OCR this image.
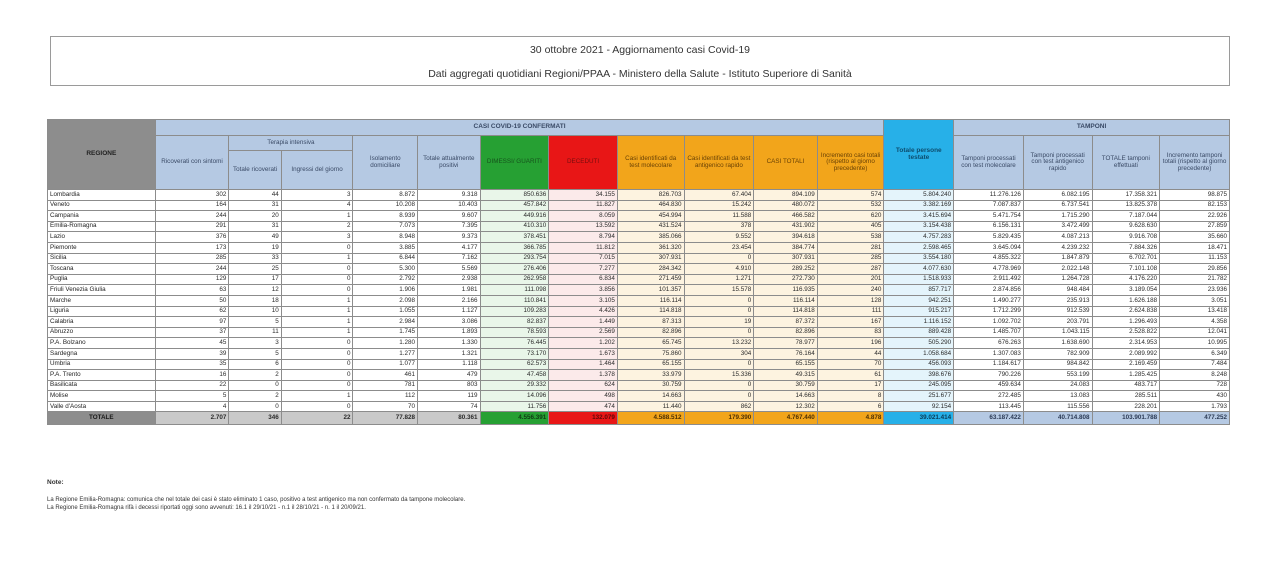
30 ottobre 2021 - Aggiornamento casi Covid-19
Dati aggregati quotidiani Regioni/PPAA - Ministero della Salute - Istituto Superiore di Sanità
REGIONE	CASI COVID-19 CONFERMATI											Totale persone testate	TAMPONI			
	Ricoverati con sintomi	Terapia intensiva		Isolamento domiciliare	Totale attualmente positivi	DIMESSI/ GUARITI	DECEDUTI	Casi identificati da test molecolare	Casi identificati da test antigenico rapido	CASI TOTALI	Incremento casi totali (rispetto al giorno precedente)		Tamponi processati con test molecolare	Tamponi processati con test antigenico rapido	TOTALE tamponi effettuati	Incremento tamponi totali (rispetto al giorno precedente)
		Totale ricoverati	Ingressi del giorno													
Lombardia	302	44	3	8.872	9.318	850.636	34.155	826.703	67.404	894.109	574	5.804.240	11.276.126	6.082.195	17.358.321	98.875
Veneto	164	31	4	10.208	10.403	457.842	11.827	464.830	15.242	480.072	532	3.382.169	7.087.837	6.737.541	13.825.378	82.153
Campania	244	20	1	8.939	9.607	449.916	8.059	454.994	11.588	466.582	620	3.415.694	5.471.754	1.715.290	7.187.044	22.926
Emilia-Romagna	291	31	2	7.073	7.395	410.310	13.592	431.524	378	431.902	405	3.154.438	6.156.131	3.472.499	9.628.630	27.859
Lazio	376	49	3	8.948	9.373	378.451	8.794	385.066	9.552	394.618	538	4.757.283	5.829.435	4.087.213	9.916.708	35.660
Piemonte	173	19	0	3.885	4.177	366.785	11.812	361.320	23.454	384.774	281	2.598.465	3.645.094	4.239.232	7.884.326	18.471
Sicilia	285	33	1	6.844	7.162	293.754	7.015	307.931	0	307.931	285	3.554.180	4.855.322	1.847.879	6.702.701	11.153
Toscana	244	25	0	5.300	5.569	276.406	7.277	284.342	4.910	289.252	287	4.077.630	4.778.969	2.022.148	7.101.108	29.856
Puglia	129	17	0	2.792	2.938	262.958	6.834	271.459	1.271	272.730	201	1.518.933	2.911.492	1.264.728	4.176.220	21.782
Friuli Venezia Giulia	63	12	0	1.906	1.981	111.098	3.856	101.357	15.578	116.935	240	857.717	2.874.856	948.484	3.189.054	23.936
Marche	50	18	1	2.098	2.166	110.841	3.105	116.114	0	116.114	128	942.251	1.490.277	235.913	1.626.188	3.051
Liguria	62	10	1	1.055	1.127	109.283	4.426	114.818	0	114.818	111	915.217	1.712.299	912.539	2.624.838	13.418
Calabria	97	5	1	2.984	3.086	82.837	1.449	87.313	19	87.372	167	1.116.152	1.092.702	203.791	1.296.493	4.358
Abruzzo	37	11	1	1.745	1.893	78.593	2.569	82.896	0	82.896	83	889.428	1.485.707	1.043.115	2.528.822	12.041
P.A. Bolzano	45	3	0	1.280	1.330	76.445	1.202	65.745	13.232	78.977	196	505.290	676.263	1.638.690	2.314.953	10.995
Sardegna	39	5	0	1.277	1.321	73.170	1.673	75.860	304	76.164	44	1.058.684	1.307.083	782.909	2.089.992	6.349
Umbria	35	6	0	1.077	1.118	62.573	1.464	65.155	0	65.155	70	456.093	1.184.617	984.842	2.169.459	7.484
P.A. Trento	16	2	0	461	479	47.458	1.378	33.979	15.336	49.315	61	398.676	790.226	553.199	1.285.425	8.248
Basilicata	22	0	0	781	803	29.332	624	30.759	0	30.759	17	245.095	459.634	24.083	483.717	728
Molise	5	2	1	112	119	14.096	498	14.663	0	14.663	8	251.677	272.485	13.083	285.511	430
Valle d'Aosta	4	0	0	70	74	11.756	474	11.440	862	12.302	6	92.154	113.445	115.556	228.201	1.793
TOTALE	2.707	346	22	77.828	80.361	4.556.391	132.079	4.588.512	179.390	4.767.440	4.878	39.021.414	63.187.422	40.714.808	103.901.788	477.252
Note:
La Regione Emilia-Romagna: comunica che nel totale dei casi è stato eliminato 1 caso, positivo a test antigenico ma non confermato da tampone molecolare.
La Regione Emilia-Romagna rifà i decessi riportati oggi sono avvenuti: 16.1 il 29/10/21 - n.1 il 28/10/21 - n. 1 il 20/09/21.
